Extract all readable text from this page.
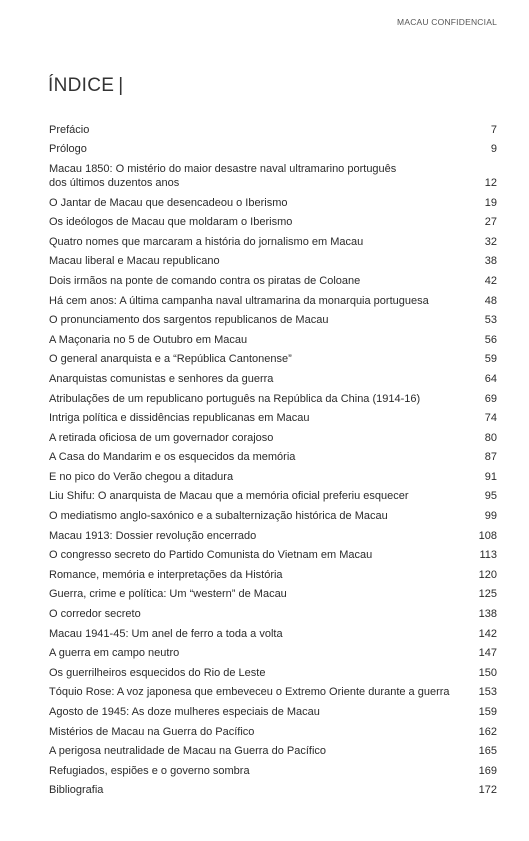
MACAU CONFIDENCIAL
ÍNDICE |
Prefácio	7
Prólogo	9
Macau 1850: O mistério do maior desastre naval ultramarino português
dos últimos duzentos anos	12
O Jantar de Macau que desencadeou o Iberismo	19
Os ideólogos de Macau que moldaram o Iberismo	27
Quatro nomes que marcaram a história do jornalismo em Macau	32
Macau liberal e Macau republicano	38
Dois irmãos na ponte de comando contra os piratas de Coloane	42
Há cem anos: A última campanha naval ultramarina da monarquia portuguesa	48
O pronunciamento dos sargentos republicanos de Macau	53
A Maçonaria no 5 de Outubro em Macau	56
O general anarquista e a “República Cantonense”	59
Anarquistas comunistas e senhores da guerra	64
Atribulações de um republicano português na República da China (1914-16)	69
Intriga política e dissidências republicanas em Macau	74
A retirada oficiosa de um governador corajoso	80
A Casa do Mandarim e os esquecidos da memória	87
E no pico do Verão chegou a ditadura	91
Liu Shifu: O anarquista de Macau que a memória oficial preferiu esquecer	95
O mediatismo anglo-saxónico e a subalternização histórica de Macau	99
Macau 1913: Dossier revolução encerrado	108
O congresso secreto do Partido Comunista do Vietnam em Macau	113
Romance, memória e interpretações da História	120
Guerra, crime e política: Um “western” de Macau	125
O corredor secreto	138
Macau 1941-45: Um anel de ferro a toda a volta	142
A guerra em campo neutro	147
Os guerrilheiros esquecidos do Rio de Leste	150
Tóquio Rose: A voz japonesa que embeveceu o Extremo Oriente durante a guerra	153
Agosto de 1945: As doze mulheres especiais de Macau	159
Mistérios de Macau na Guerra do Pacífico	162
A perigosa neutralidade de Macau na Guerra do Pacífico	165
Refugiados, espiões e o governo sombra	169
Bibliografia	172
